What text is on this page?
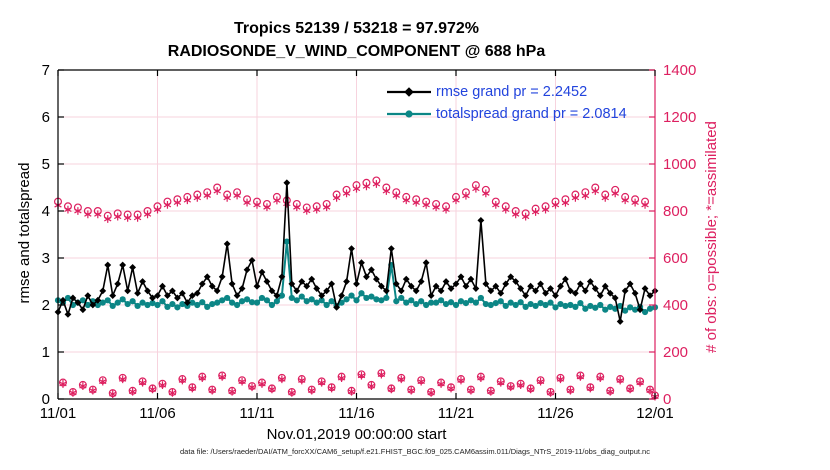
0
1
2
3
4
5
6
7
0
200
400
600
800
1000
1200
1400
11/01	11/06	11/11	11/16	11/21	11/26	12/01
Tropics 52139 / 53218 = 97.972%
RADIOSONDE_V_WIND_COMPONENT @ 688 hPa
rmse and totalspread	# of obs: o=possible; *=assimilated
Nov.01,2019 00:00:00 start
rmse grand pr = 2.2452
totalspread grand pr = 2.0814
data file: /Users/raeder/DAI/ATM_forcXX/CAM6_setup/f.e21.FHIST_BGC.f09_025.CAM6assim.011/Diags_NTrS_2019-11/obs_diag_output.nc
